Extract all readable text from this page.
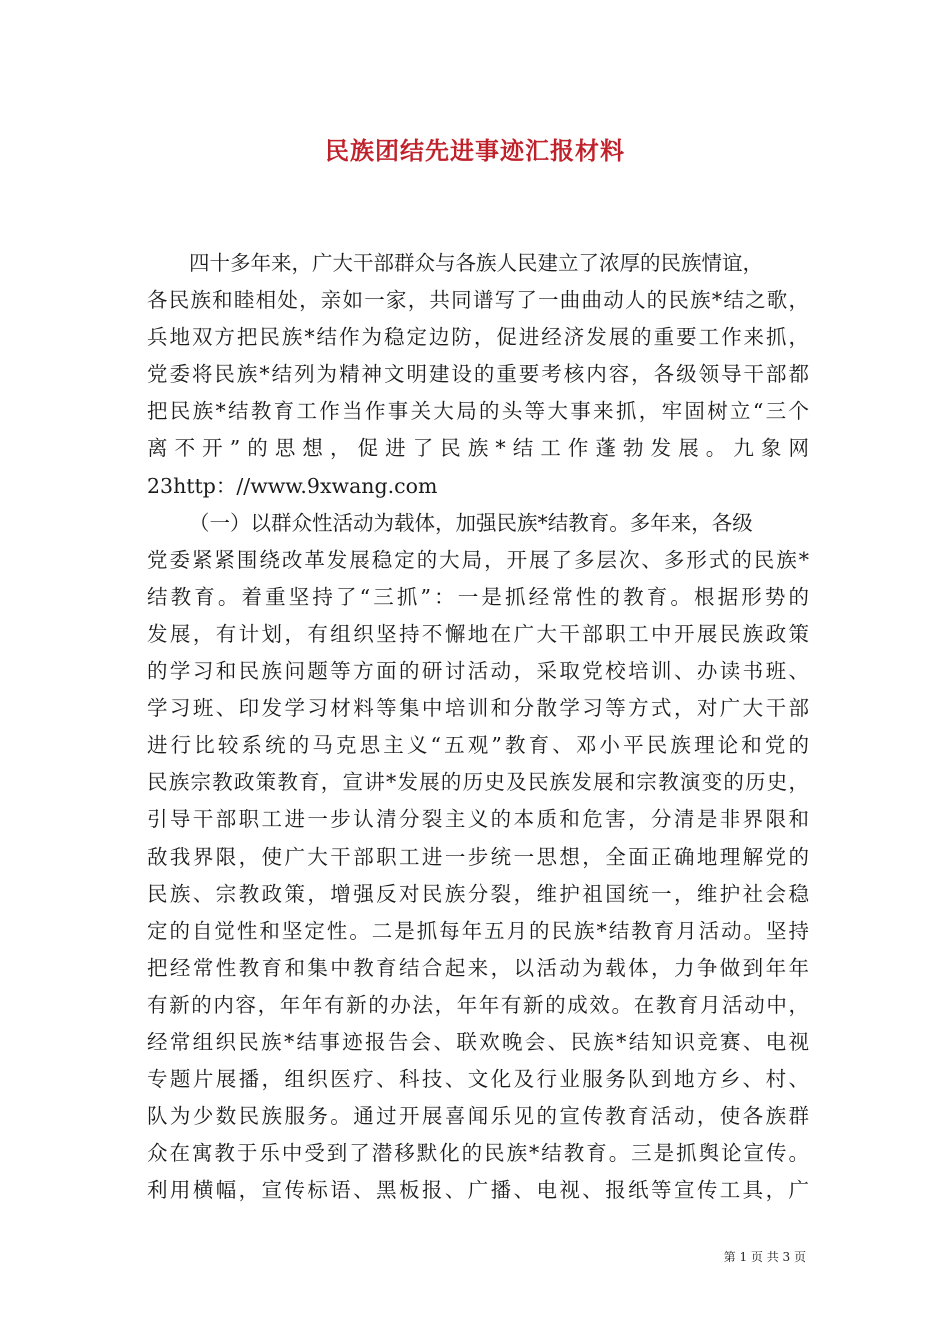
民族团结先进事迹汇报材料
四十多年来，广大干部群众与各族人民建立了浓厚的民族情谊，
各民族和睦相处，亲如一家，共同谱写了一曲曲动人的民族*结之歌，
兵地双方把民族*结作为稳定边防，促进经济发展的重要工作来抓，
党委将民族*结列为精神文明建设的重要考核内容，各级领导干部都
把民族*结教育工作当作事关大局的头等大事来抓，牢固树立“三个
离不开”的思想，促进了民族*结工作蓬勃发展。九象网
23http：//www.9xwang.com
（一）以群众性活动为载体，加强民族*结教育。多年来，各级
党委紧紧围绕改革发展稳定的大局，开展了多层次、多形式的民族*
结教育。着重坚持了“三抓”：一是抓经常性的教育。根据形势的
发展，有计划，有组织坚持不懈地在广大干部职工中开展民族政策
的学习和民族问题等方面的研讨活动，采取党校培训、办读书班、
学习班、印发学习材料等集中培训和分散学习等方式，对广大干部
进行比较系统的马克思主义“五观”教育、邓小平民族理论和党的
民族宗教政策教育，宣讲*发展的历史及民族发展和宗教演变的历史，
引导干部职工进一步认清分裂主义的本质和危害，分清是非界限和
敌我界限，使广大干部职工进一步统一思想，全面正确地理解党的
民族、宗教政策，增强反对民族分裂，维护祖国统一，维护社会稳
定的自觉性和坚定性。二是抓每年五月的民族*结教育月活动。坚持
把经常性教育和集中教育结合起来，以活动为载体，力争做到年年
有新的内容，年年有新的办法，年年有新的成效。在教育月活动中，
经常组织民族*结事迹报告会、联欢晚会、民族*结知识竞赛、电视
专题片展播，组织医疗、科技、文化及行业服务队到地方乡、村、
队为少数民族服务。通过开展喜闻乐见的宣传教育活动，使各族群
众在寓教于乐中受到了潜移默化的民族*结教育。三是抓舆论宣传。
利用横幅，宣传标语、黑板报、广播、电视、报纸等宣传工具，广
第 1 页 共 3 页
